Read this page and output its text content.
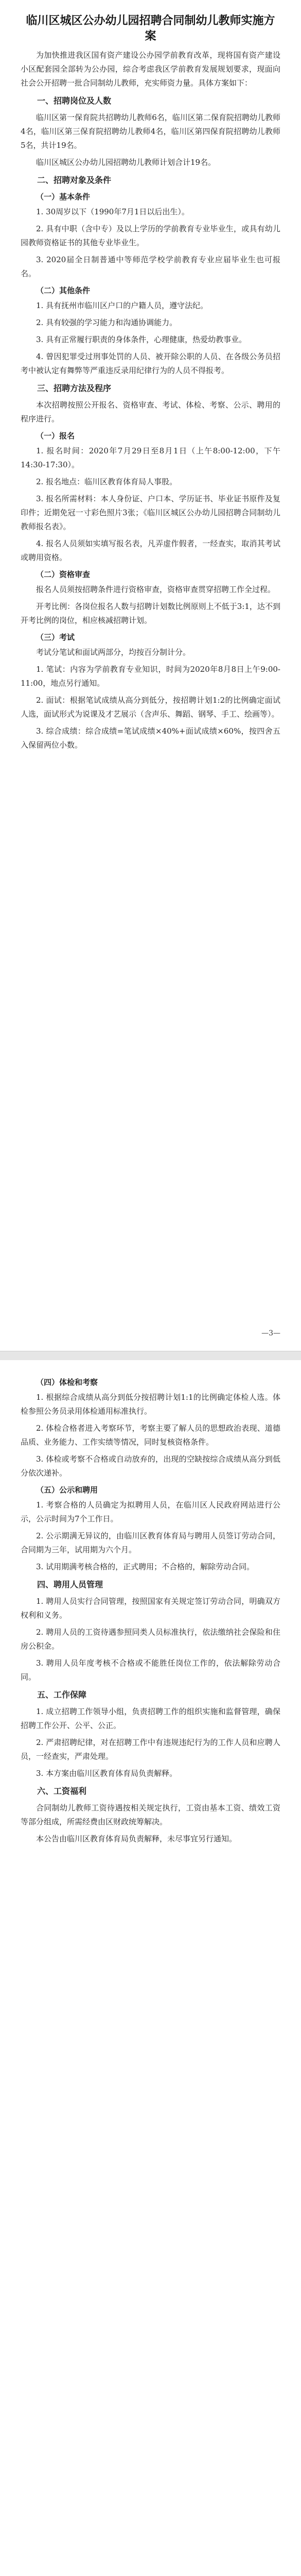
临川区城区公办幼儿园招聘合同制幼儿教师实施方案

为加快推进我区国有资产建设公办园学前教育改革，现将国有资产建设小区配套园全部转为公办园，综合考虑我区学前教育发展规划要求，现面向社会公开招聘一批合同制幼儿教师，充实师资力量。具体方案如下：

一、招聘岗位及人数

临川区第一保育院共招聘幼儿教师6名，临川区第二保育院招聘幼儿教师4名，临川区第三保育院招聘幼儿教师4名，临川区第四保育院招聘幼儿教师5名，共计19名。

临川区城区公办幼儿园招聘幼儿教师计划合计19名。

二、招聘对象及条件
（一）基本条件

1. 30周岁以下（1990年7月1日以后出生）。

2. 具有中职（含中专）及以上学历的学前教育专业毕业生，或具有幼儿园教师资格证书的其他专业毕业生。

3. 2020届全日制普通中等师范学校学前教育专业应届毕业生也可报名。

（二）其他条件

1. 具有抚州市临川区户口的户籍人员，遵守法纪。

2. 具有较强的学习能力和沟通协调能力。

3. 具有正常履行职责的身体条件，心理健康，热爱幼教事业。

4. 曾因犯罪受过刑事处罚的人员、被开除公职的人员、在各级公务员招考中被认定有舞弊等严重违反录用纪律行为的人员不得报考。

三、招聘方法及程序

本次招聘按照公开报名、资格审查、考试、体检、考察、公示、聘用的程序进行。

（一）报名

1. 报名时间：2020年7月29日至8月1日（上午8:00-12:00，下午14:30-17:30）。

2. 报名地点：临川区教育体育局人事股。

3. 报名所需材料：本人身份证、户口本、学历证书、毕业证书原件及复印件；近期免冠一寸彩色照片3张；《临川区城区公办幼儿园招聘合同制幼儿教师报名表》。

4. 报名人员须如实填写报名表，凡弄虚作假者，一经查实，取消其考试或聘用资格。

（二）资格审查

报名人员须按招聘条件进行资格审查，资格审查贯穿招聘工作全过程。

开考比例：各岗位报名人数与招聘计划数比例原则上不低于3:1，达不到开考比例的岗位，相应核减招聘计划。

（三）考试

考试分笔试和面试两部分，均按百分制计分。

1. 笔试：内容为学前教育专业知识，时间为2020年8月8日上午9:00-11:00，地点另行通知。

2. 面试：根据笔试成绩从高分到低分，按招聘计划1:2的比例确定面试人选，面试形式为说课及才艺展示（含声乐、舞蹈、钢琴、手工、绘画等）。

3. 综合成绩：综合成绩=笔试成绩×40%+面试成绩×60%，按四舍五入保留两位小数。

—3—
（四）体检和考察

1. 根据综合成绩从高分到低分按招聘计划1:1的比例确定体检人选。体检参照公务员录用体检通用标准执行。

2. 体检合格者进入考察环节，考察主要了解人员的思想政治表现、道德品质、业务能力、工作实绩等情况，同时复核资格条件。

3. 体检或考察不合格或自动放弃的，出现的空缺按综合成绩从高分到低分依次递补。

（五）公示和聘用

1. 考察合格的人员确定为拟聘用人员，在临川区人民政府网站进行公示，公示时间为7个工作日。

2. 公示期满无异议的，由临川区教育体育局与聘用人员签订劳动合同，合同期为三年，试用期为六个月。

3. 试用期满考核合格的，正式聘用；不合格的，解除劳动合同。

四、聘用人员管理

1. 聘用人员实行合同管理，按照国家有关规定签订劳动合同，明确双方权利和义务。

2. 聘用人员的工资待遇参照同类人员标准执行，依法缴纳社会保险和住房公积金。

3. 聘用人员年度考核不合格或不能胜任岗位工作的，依法解除劳动合同。

五、工作保障

1. 成立招聘工作领导小组，负责招聘工作的组织实施和监督管理，确保招聘工作公开、公平、公正。

2. 严肃招聘纪律，对在招聘工作中有违规违纪行为的工作人员和应聘人员，一经查实，严肃处理。

3. 本方案由临川区教育体育局负责解释。

六、工资福利

合同制幼儿教师工资待遇按相关规定执行，工资由基本工资、绩效工资等部分组成，所需经费由区财政统筹解决。

本公告由临川区教育体育局负责解释，未尽事宜另行通知。
